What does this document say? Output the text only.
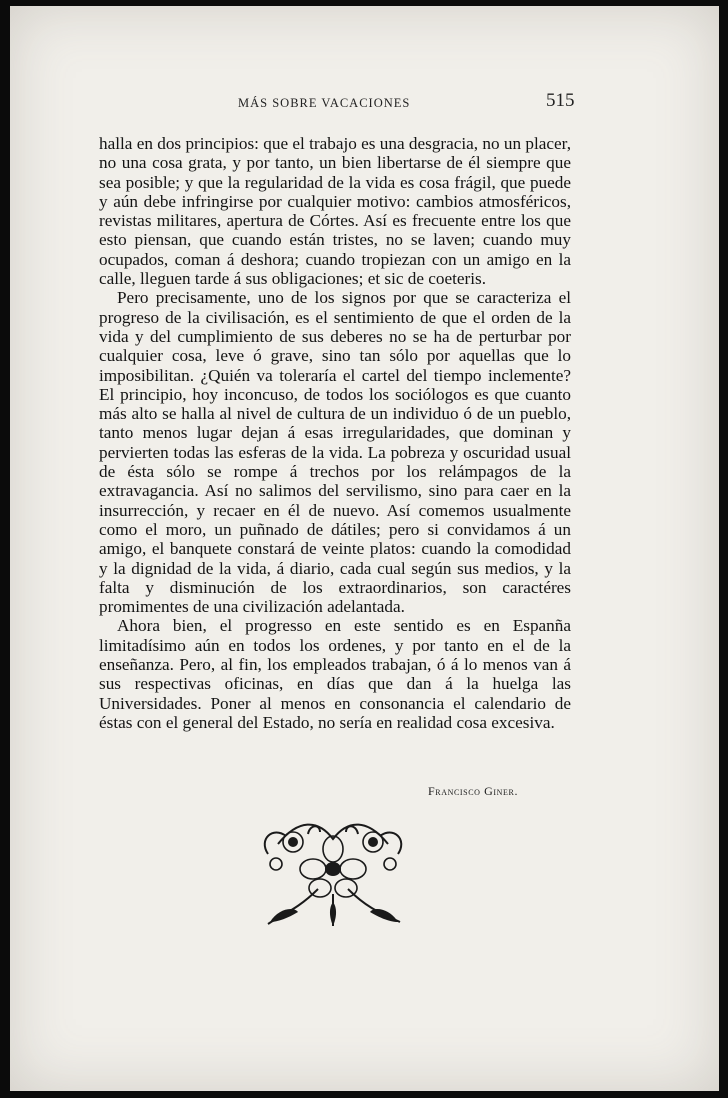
MÁS SOBRE VACACIONES	515

halla en dos principios: que el trabajo es una desgracia, no un placer, no una cosa grata, y por tanto, un bien libertarse de él siempre que sea posible; y que la regularidad de la vida es cosa frágil, que puede y aún debe infringirse por cualquier motivo: cambios atmosféricos, revistas militares, apertura de Córtes. Así es frecuente entre los que esto piensan, que cuando están tristes, no se laven; cuando muy ocupados, coman á deshora; cuando tropiezan con un amigo en la calle, lleguen tarde á sus obligaciones; et sic de coeteris.

Pero precisamente, uno de los signos por que se caracteriza el progreso de la civilisación, es el sentimiento de que el orden de la vida y del cumplimiento de sus deberes no se ha de perturbar por cualquier cosa, leve ó grave, sino tan sólo por aquellas que lo imposibilitan. ¿Quién va toleraría el cartel del tiempo inclemente? El principio, hoy inconcuso, de todos los sociólogos es que cuanto más alto se halla al nivel de cultura de un individuo ó de un pueblo, tanto menos lugar dejan á esas irregularidades, que dominan y pervierten todas las esferas de la vida. La pobreza y oscuridad usual de ésta sólo se rompe á trechos por los relámpagos de la extravagancia. Así no salimos del servilismo, sino para caer en la insurrección, y recaer en él de nuevo. Así comemos usualmente como el moro, un puñnado de dátiles; pero si convidamos á un amigo, el banquete constará de veinte platos: cuando la comodidad y la dignidad de la vida, á diario, cada cual según sus medios, y la falta y disminución de los extraordinarios, son caractéres promimentes de una civilización adelantada.

Ahora bien, el progresso en este sentido es en Espanña limitadísimo aún en todos los ordenes, y por tanto en el de la enseñanza. Pero, al fin, los empleados trabajan, ó á lo menos van á sus respectivas oficinas, en días que dan á la huelga las Universidades. Poner al menos en consonancia el calendario de éstas con el general del Estado, no sería en realidad cosa excesiva.

Francisco Giner.
